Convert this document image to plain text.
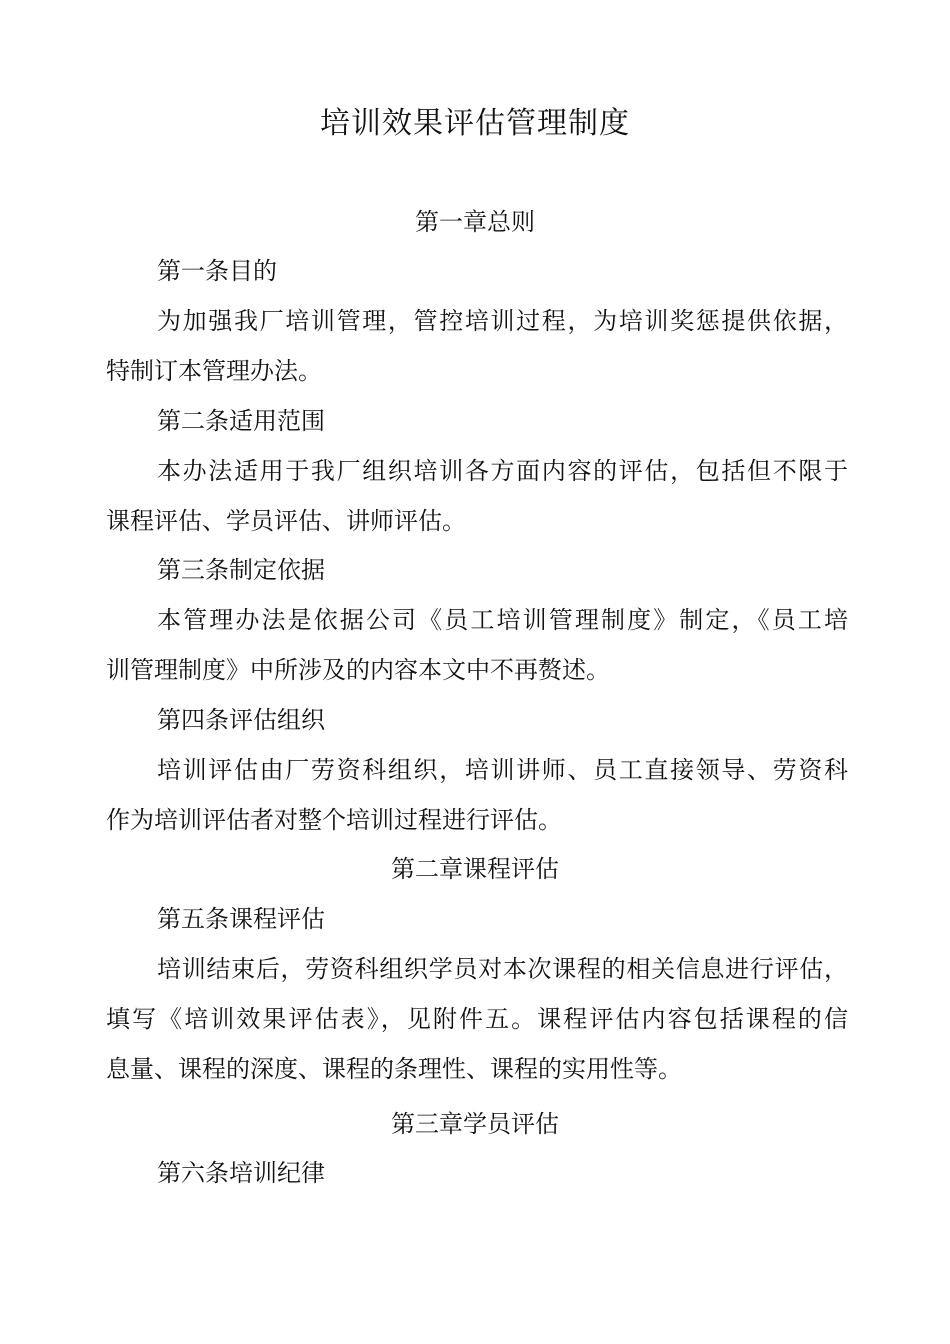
培训效果评估管理制度
第一章总则
第一条目的
为加强我厂培训管理，管控培训过程，为培训奖惩提供依据，
特制订本管理办法。
第二条适用范围
本办法适用于我厂组织培训各方面内容的评估，包括但不限于
课程评估、学员评估、讲师评估。
第三条制定依据
本管理办法是依据公司《员工培训管理制度》制定，《员工培
训管理制度》中所涉及的内容本文中不再赘述。
第四条评估组织
培训评估由厂劳资科组织，培训讲师、员工直接领导、劳资科
作为培训评估者对整个培训过程进行评估。
第二章课程评估
第五条课程评估
培训结束后，劳资科组织学员对本次课程的相关信息进行评估，
填写《培训效果评估表》，见附件五。课程评估内容包括课程的信
息量、课程的深度、课程的条理性、课程的实用性等。
第三章学员评估
第六条培训纪律
